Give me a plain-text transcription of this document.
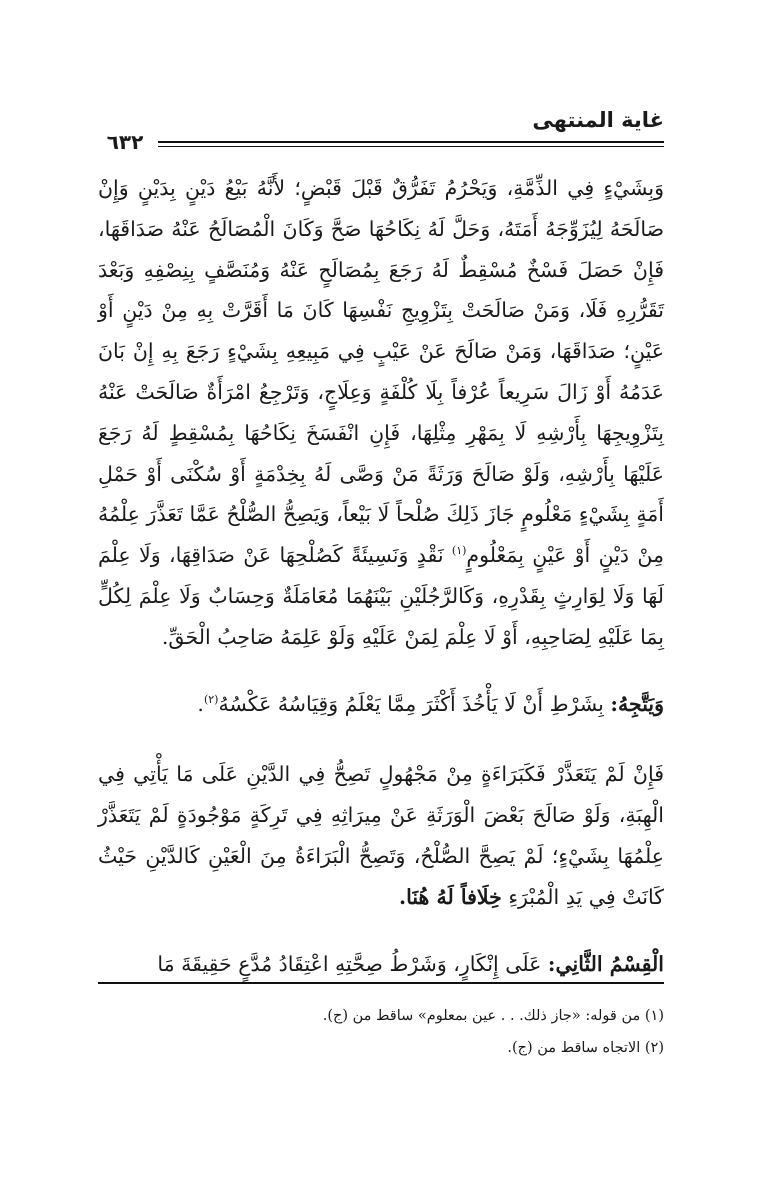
غاية المنتهى
٦٣٢

وَبِشَيْءٍ فِي الذِّمَّةِ، وَيَحْرُمُ تَفَرُّقٌ قَبْلَ قَبْضٍ؛ لأَنَّهُ بَيْعُ دَيْنٍ بِدَيْنٍ وَإِنْ صَالَحَهُ لِيُزَوِّجَهُ أَمَتَهُ، وَحَلَّ لَهُ نِكَاحُهَا صَحَّ وَكَانَ الْمُصَالَحُ عَنْهُ صَدَاقَهَا، فَإِنْ حَصَلَ فَسْخٌ مُسْقِطٌ لَهُ رَجَعَ بِمُصَالَحٍ عَنْهُ وَمُنَصَّفٍ بِنِصْفِهِ وَبَعْدَ تَقَرُّرِهِ فَلَا، وَمَنْ صَالَحَتْ بِتَزْوِيجِ نَفْسِهَا كَانَ مَا أَقَرَّتْ بِهِ مِنْ دَيْنٍ أَوْ عَيْنٍ؛ صَدَاقَهَا، وَمَنْ صَالَحَ عَنْ عَيْبٍ فِي مَبِيعِهِ بِشَيْءٍ رَجَعَ بِهِ إِنْ بَانَ عَدَمُهُ أَوْ زَالَ سَرِيعاً عُرْفاً بِلَا كُلْفَةٍ وَعِلَاجٍ، وَتَرْجِعُ امْرَأَةٌ صَالَحَتْ عَنْهُ بِتَزْوِيجِهَا بِأَرْشِهِ لَا بِمَهْرِ مِثْلِهَا، فَإِنِ انْفَسَخَ نِكَاحُهَا بِمُسْقِطٍ لَهُ رَجَعَ عَلَيْهَا بِأَرْشِهِ، وَلَوْ صَالَحَ وَرَثَةً مَنْ وَصَّى لَهُ بِخِدْمَةٍ أَوْ سُكْنَى أَوْ حَمْلِ أَمَةٍ بِشَيْءٍ مَعْلُومٍ جَازَ ذَلِكَ صُلْحاً لَا بَيْعاً، وَيَصِحُّ الصُّلْحُ عَمَّا تَعَذَّرَ عِلْمُهُ مِنْ دَيْنٍ أَوْ عَيْنٍ بِمَعْلُومٍ$^{(١)}$ نَقْدٍ وَنَسِيئَةً كَصُلْحِهَا عَنْ صَدَاقِهَا، وَلَا عِلْمَ لَهَا وَلَا لِوَارِثٍ بِقَدْرِهِ، وَكَالرَّجُلَيْنِ بَيْنَهُمَا مُعَامَلَةٌ وَحِسَابٌ وَلَا عِلْمَ لِكُلٍّ بِمَا عَلَيْهِ لِصَاحِبِهِ، أَوْ لَا عِلْمَ لِمَنْ عَلَيْهِ وَلَوْ عَلِمَهُ صَاحِبُ الْحَقِّ.

وَيَتَّجِهُ: بِشَرْطِ أَنْ لَا يَأْخُذَ أَكْثَرَ مِمَّا يَعْلَمُ وَقِيَاسُهُ عَكْسُهُ$^{(٢)}$.

فَإِنْ لَمْ يَتَعَذَّرْ فَكَبَرَاءَةٍ مِنْ مَجْهُولٍ تَصِحُّ فِي الدَّيْنِ عَلَى مَا يَأْتِي فِي الْهِبَةِ، وَلَوْ صَالَحَ بَعْضَ الْوَرَثَةِ عَنْ مِيرَاثِهِ فِي تَرِكَةٍ مَوْجُودَةٍ لَمْ يَتَعَذَّرْ عِلْمُهَا بِشَيْءٍ؛ لَمْ يَصِحَّ الصُّلْحُ، وَتَصِحُّ الْبَرَاءَةُ مِنَ الْعَيْنِ كَالدَّيْنِ حَيْثُ كَانَتْ فِي يَدِ الْمُبْرَءِ خِلَافاً لَهُ هُنَا.

الْقِسْمُ الثَّانِي: عَلَى إِنْكَارٍ، وَشَرْطُ صِحَّتِهِ اعْتِقَادُ مُدَّعٍ حَقِيقَةَ مَا

(١) من قوله: «جاز ذلك. . . عين بمعلوم» ساقط من (ج).

(٢) الاتجاه ساقط من (ج).
